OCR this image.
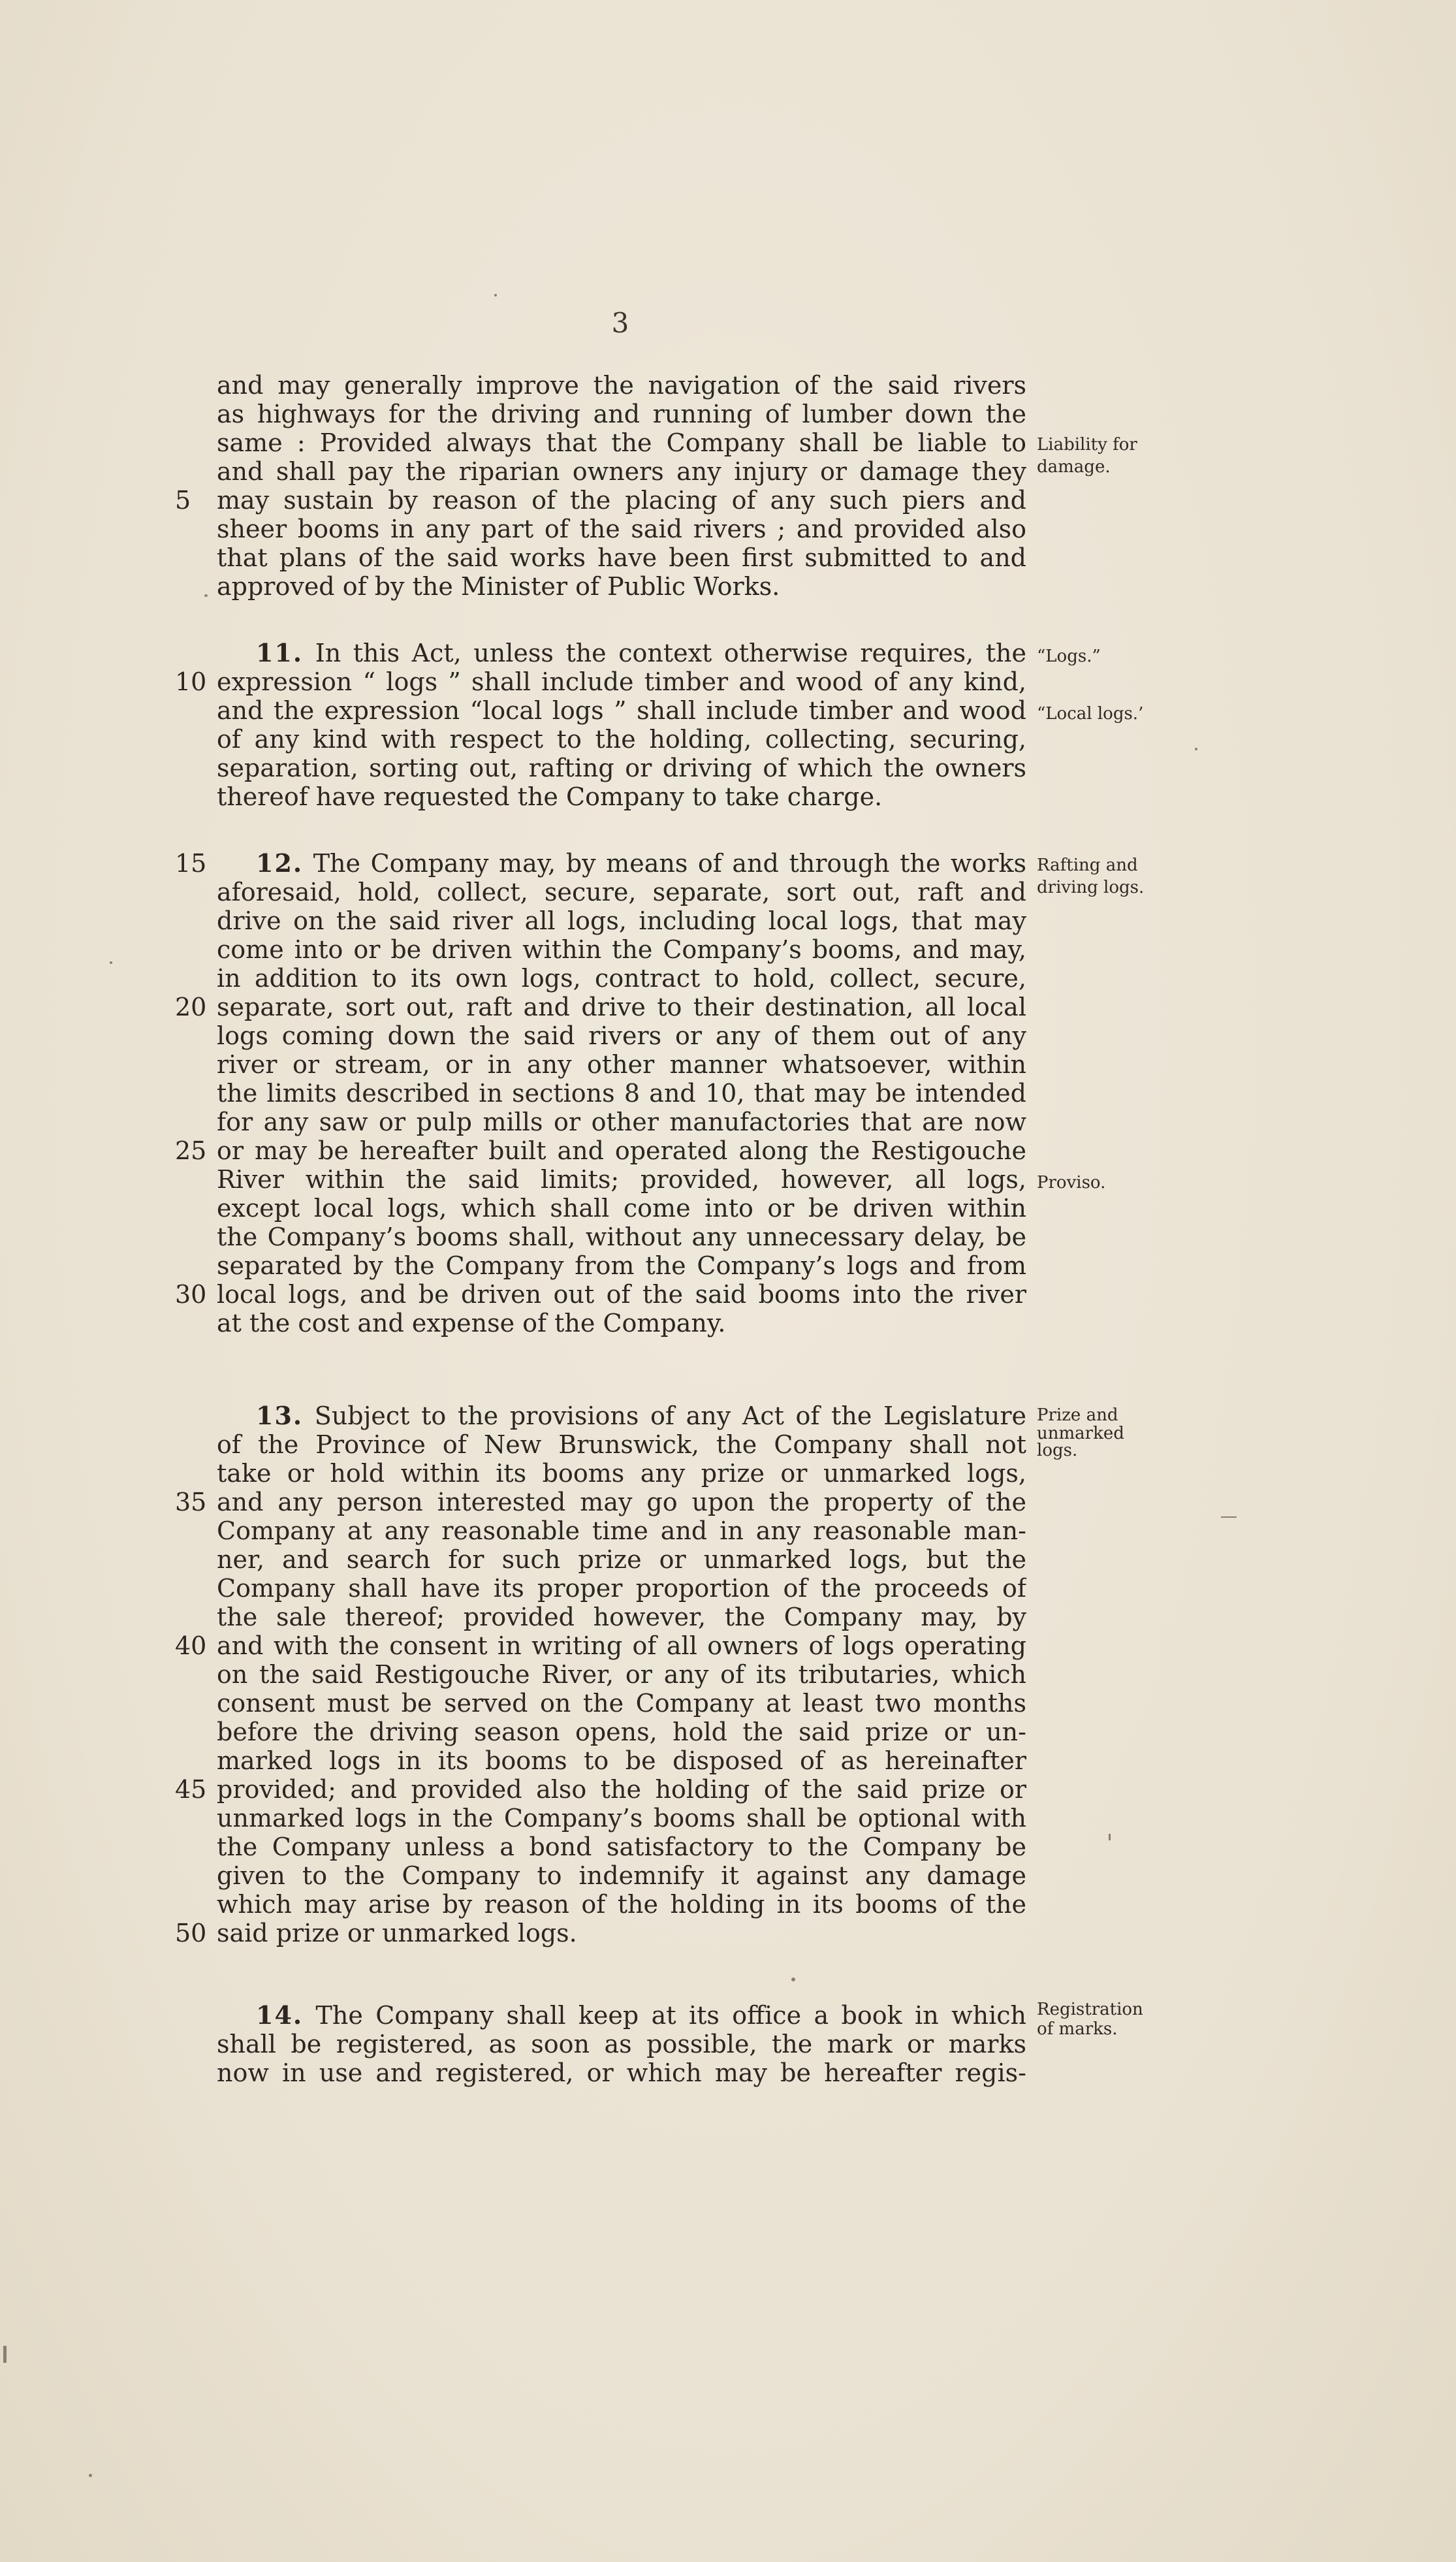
3
and may generally improve the navigation of the said rivers
as highways for the driving and running of lumber down the
same : Provided always that the Company shall be liable to
and shall pay the riparian owners any injury or damage they
may sustain by reason of the placing of any such piers and
5
sheer booms in any part of the said rivers ; and provided also
that plans of the said works have been first submitted to and
approved of by the Minister of Public Works.
11. In this Act, unless the context otherwise requires, the
expression “ logs ” shall include timber and wood of any kind,
10
and the expression “local logs ” shall include timber and wood
of any kind with respect to the holding, collecting, securing,
separation, sorting out, rafting or driving of which the owners
thereof have requested the Company to take charge.
12. The Company may, by means of and through the works
15
aforesaid, hold, collect, secure, separate, sort out, raft and
drive on the said river all logs, including local logs, that may
come into or be driven within the Company’s booms, and may,
in addition to its own logs, contract to hold, collect, secure,
separate, sort out, raft and drive to their destination, all local
20
logs coming down the said rivers or any of them out of any
river or stream, or in any other manner whatsoever, within
the limits described in sections 8 and 10, that may be intended
for any saw or pulp mills or other manufactories that are now
or may be hereafter built and operated along the Restigouche
25
River within the said limits; provided, however, all logs,
except local logs, which shall come into or be driven within
the Company’s booms shall, without any unnecessary delay, be
separated by the Company from the Company’s logs and from
local logs, and be driven out of the said booms into the river
30
at the cost and expense of the Company.
13. Subject to the provisions of any Act of the Legislature
of the Province of New Brunswick, the Company shall not
take or hold within its booms any prize or unmarked logs,
and any person interested may go upon the property of the
35
Company at any reasonable time and in any reasonable man-
ner, and search for such prize or unmarked logs, but the
Company shall have its proper proportion of the proceeds of
the sale thereof; provided however, the Company may, by
and with the consent in writing of all owners of logs operating
40
on the said Restigouche River, or any of its tributaries, which
consent must be served on the Company at least two months
before the driving season opens, hold the said prize or un-
marked logs in its booms to be disposed of as hereinafter
provided; and provided also the holding of the said prize or
45
unmarked logs in the Company’s booms shall be optional with
the Company unless a bond satisfactory to the Company be
given to the Company to indemnify it against any damage
which may arise by reason of the holding in its booms of the
said prize or unmarked logs.
50
14. The Company shall keep at its office a book in which
shall be registered, as soon as possible, the mark or marks
now in use and registered, or which may be hereafter regis-
Liability for
damage.
“Logs.”
“Local logs.’
Rafting and
driving logs.
Proviso.
Prize and
unmarked
logs.
Registration
of marks.
